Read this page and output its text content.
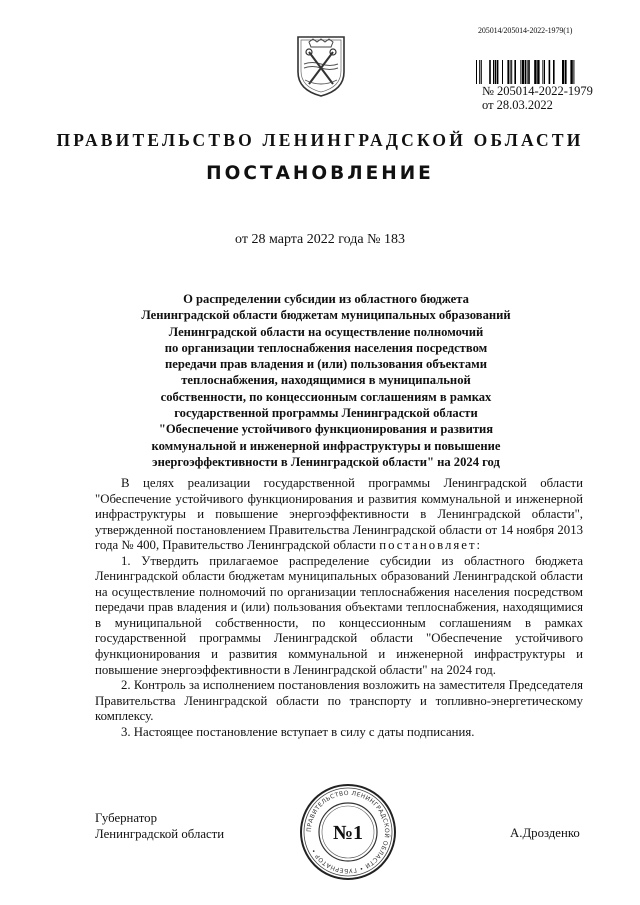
205014/205014-2022-1979(1)
№ 205014-2022-1979
от 28.03.2022
ПРАВИТЕЛЬСТВО ЛЕНИНГРАДСКОЙ ОБЛАСТИ
ПОСТАНОВЛЕНИЕ
от 28 марта 2022 года № 183
О распределении субсидии из областного бюджета
Ленинградской области бюджетам муниципальных образований
Ленинградской области на осуществление полномочий
по организации теплоснабжения населения посредством
передачи прав владения и (или) пользования объектами
теплоснабжения, находящимися в муниципальной
собственности, по концессионным соглашениям в рамках
государственной программы Ленинградской области
"Обеспечение устойчивого функционирования и развития
коммунальной и инженерной инфраструктуры и повышение
энергоэффективности в Ленинградской области" на 2024 год

В целях реализации государственной программы Ленинградской области "Обеспечение устойчивого функционирования и развития коммунальной и инженерной инфраструктуры и повышение энергоэффективности в Ленинградской области", утвержденной постановлением Правительства Ленинградской области от 14 ноября 2013 года № 400, Правительство Ленинградской области постановляет:

1. Утвердить прилагаемое распределение субсидии из областного бюджета Ленинградской области бюджетам муниципальных образований Ленинградской области на осуществление полномочий по организации теплоснабжения населения посредством передачи прав владения и (или) пользования объектами теплоснабжения, находящимися в муниципальной собственности, по концессионным соглашениям в рамках государственной программы Ленинградской области "Обеспечение устойчивого функционирования и развития коммунальной и инженерной инфраструктуры и повышение энергоэффективности в Ленинградской области" на 2024 год.

2. Контроль за исполнением постановления возложить на заместителя Председателя Правительства Ленинградской области по транспорту и топливно-энергетическому комплексу.

3. Настоящее постановление вступает в силу с даты подписания.

Губернатор
Ленинградской области	ПРАВИТЕЛЬСТВО ЛЕНИНГРАДСКОЙ ОБЛАСТИ • ГУБЕРНАТОР •
№1	А.Дрозденко
